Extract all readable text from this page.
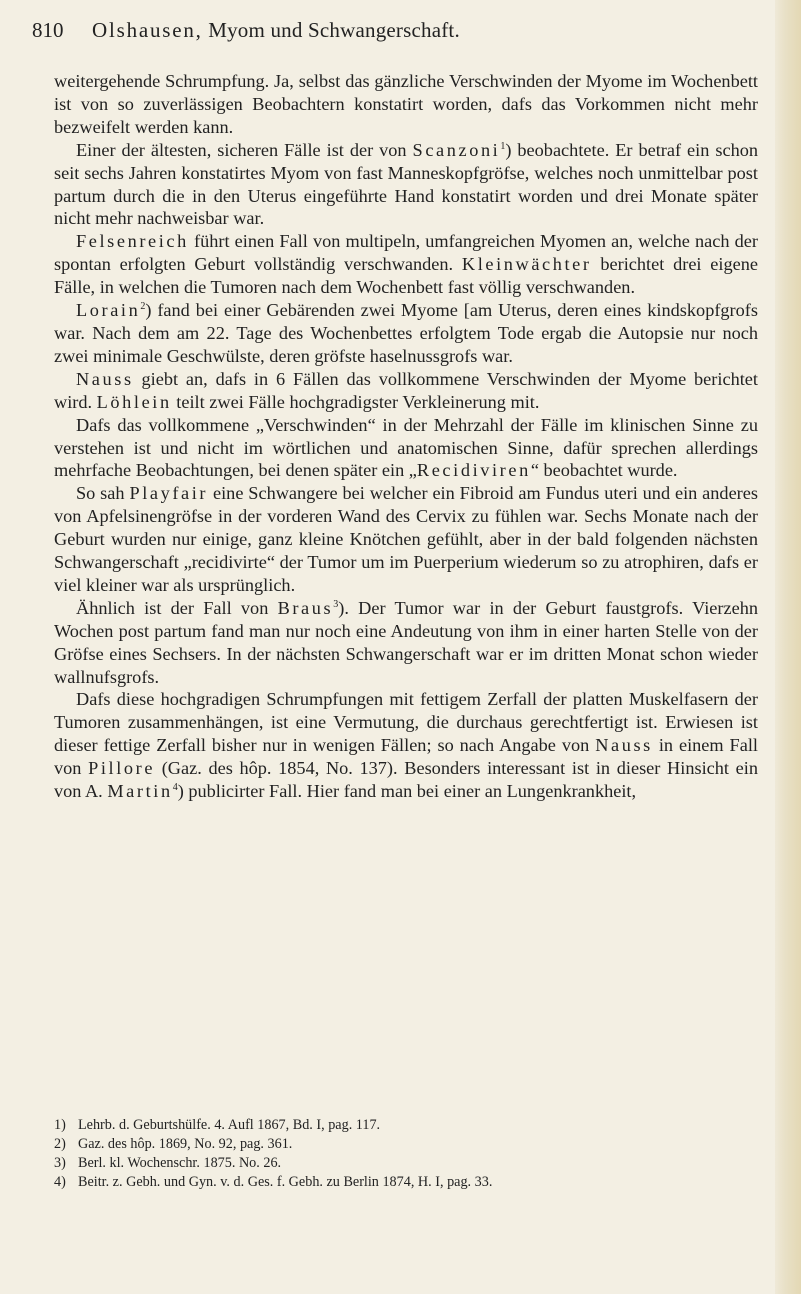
810 Olshausen, Myom und Schwangerschaft.

weitergehende Schrumpfung. Ja, selbst das gänzliche Verschwinden der Myome im Wochenbett ist von so zuverlässigen Beobachtern konstatirt worden, dafs das Vorkommen nicht mehr bezweifelt werden kann.

Einer der ältesten, sicheren Fälle ist der von Scanzoni$^1$) beobachtete. Er betraf ein schon seit sechs Jahren konstatirtes Myom von fast Manneskopfgröfse, welches noch unmittelbar post partum durch die in den Uterus eingeführte Hand konstatirt worden und drei Monate später nicht mehr nachweisbar war.

Felsenreich führt einen Fall von multipeln, umfangreichen Myomen an, welche nach der spontan erfolgten Geburt vollständig verschwanden. Kleinwächter berichtet drei eigene Fälle, in welchen die Tumoren nach dem Wochenbett fast völlig verschwanden.

Lorain$^2$) fand bei einer Gebärenden zwei Myome [am Uterus, deren eines kindskopfgrofs war. Nach dem am 22. Tage des Wochenbettes erfolgtem Tode ergab die Autopsie nur noch zwei minimale Geschwülste, deren gröfste haselnussgrofs war.

Nauss giebt an, dafs in 6 Fällen das vollkommene Verschwinden der Myome berichtet wird. Löhlein teilt zwei Fälle hochgradigster Verkleinerung mit.

Dafs das vollkommene „Verschwinden“ in der Mehrzahl der Fälle im klinischen Sinne zu verstehen ist und nicht im wörtlichen und anatomischen Sinne, dafür sprechen allerdings mehrfache Beobachtungen, bei denen später ein „Recidiviren“ beobachtet wurde.

So sah Playfair eine Schwangere bei welcher ein Fibroid am Fundus uteri und ein anderes von Apfelsinengröfse in der vorderen Wand des Cervix zu fühlen war. Sechs Monate nach der Geburt wurden nur einige, ganz kleine Knötchen gefühlt, aber in der bald folgenden nächsten Schwangerschaft „recidivirte“ der Tumor um im Puerperium wiederum so zu atrophiren, dafs er viel kleiner war als ursprünglich.

Ähnlich ist der Fall von Braus$^3$). Der Tumor war in der Geburt faustgrofs. Vierzehn Wochen post partum fand man nur noch eine Andeutung von ihm in einer harten Stelle von der Gröfse eines Sechsers. In der nächsten Schwangerschaft war er im dritten Monat schon wieder wallnufsgrofs.

Dafs diese hochgradigen Schrumpfungen mit fettigem Zerfall der platten Muskelfasern der Tumoren zusammenhängen, ist eine Vermutung, die durchaus gerechtfertigt ist. Erwiesen ist dieser fettige Zerfall bisher nur in wenigen Fällen; so nach Angabe von Nauss in einem Fall von Pillore (Gaz. des hôp. 1854, No. 137). Besonders interessant ist in dieser Hinsicht ein von A. Martin$^4$) publicirter Fall. Hier fand man bei einer an Lungenkrankheit,

1) Lehrb. d. Geburtshülfe. 4. Aufl 1867, Bd. I, pag. 117.

2) Gaz. des hôp. 1869, No. 92, pag. 361.

3) Berl. kl. Wochenschr. 1875. No. 26.

4) Beitr. z. Gebh. und Gyn. v. d. Ges. f. Gebh. zu Berlin 1874, H. I, pag. 33.
